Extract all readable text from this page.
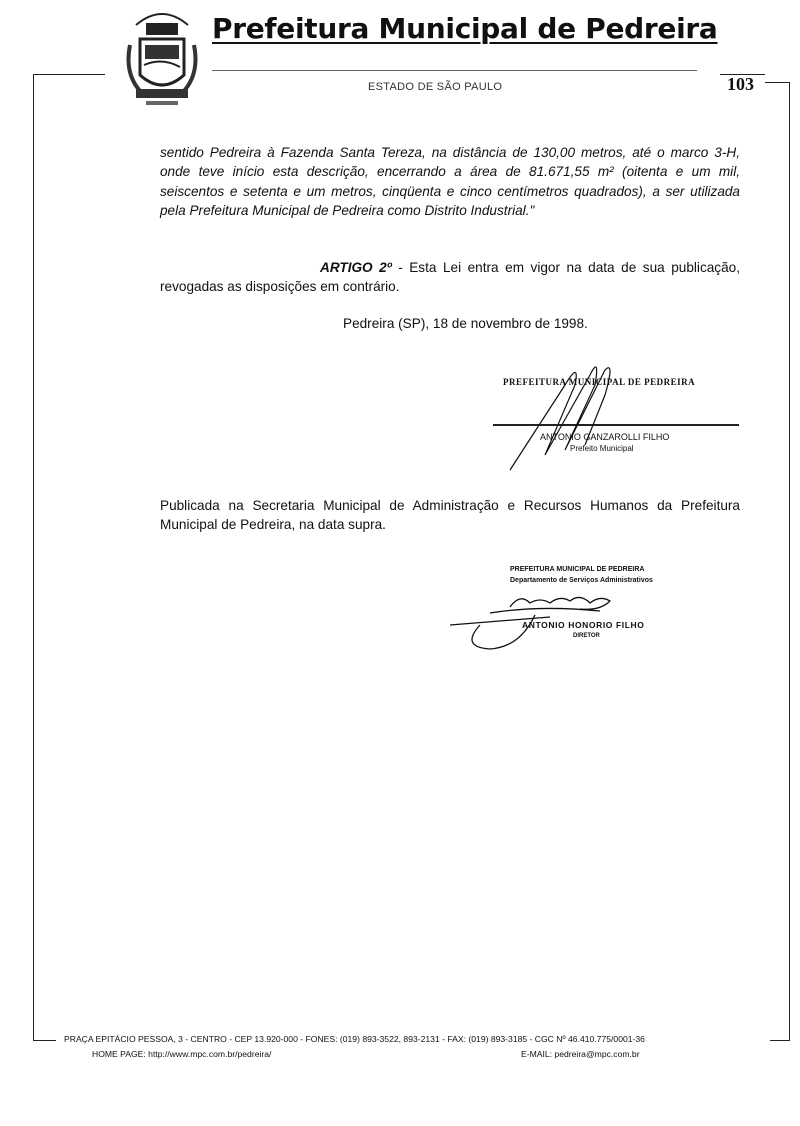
Prefeitura Municipal de Pedreira
ESTADO DE SÃO PAULO	103
sentido Pedreira à Fazenda Santa Tereza, na distância de 130,00 metros, até o marco 3-H, onde teve início esta descrição, encerrando a área de 81.671,55 m² (oitenta e um mil, seiscentos e setenta e um metros, cinqüenta e cinco centímetros quadrados), a ser utilizada pela Prefeitura Municipal de Pedreira como Distrito Industrial."
ARTIGO 2º - Esta Lei entra em vigor na data de sua publicação, revogadas as disposições em contrário.
Pedreira (SP), 18 de novembro de 1998.
PREFEITURA MUNICIPAL DE PEDREIRA
ANTONIO GANZAROLLI FILHO
Prefeito Municipal
Publicada na Secretaria Municipal de Administração e Recursos Humanos da Prefeitura Municipal de Pedreira, na data supra.
PREFEITURA MUNICIPAL DE PEDREIRA
Departamento de Serviços Administrativos
ANTONIO HONORIO FILHO
DIRETOR
PRAÇA EPITÁCIO PESSOA, 3 - CENTRO - CEP 13.920-000 - FONES: (019) 893-3522, 893-2131 - FAX: (019) 893-3185 - CGC Nº 46.410.775/0001-36
HOME PAGE: http://www.mpc.com.br/pedreira/	E-MAIL: pedreira@mpc.com.br
